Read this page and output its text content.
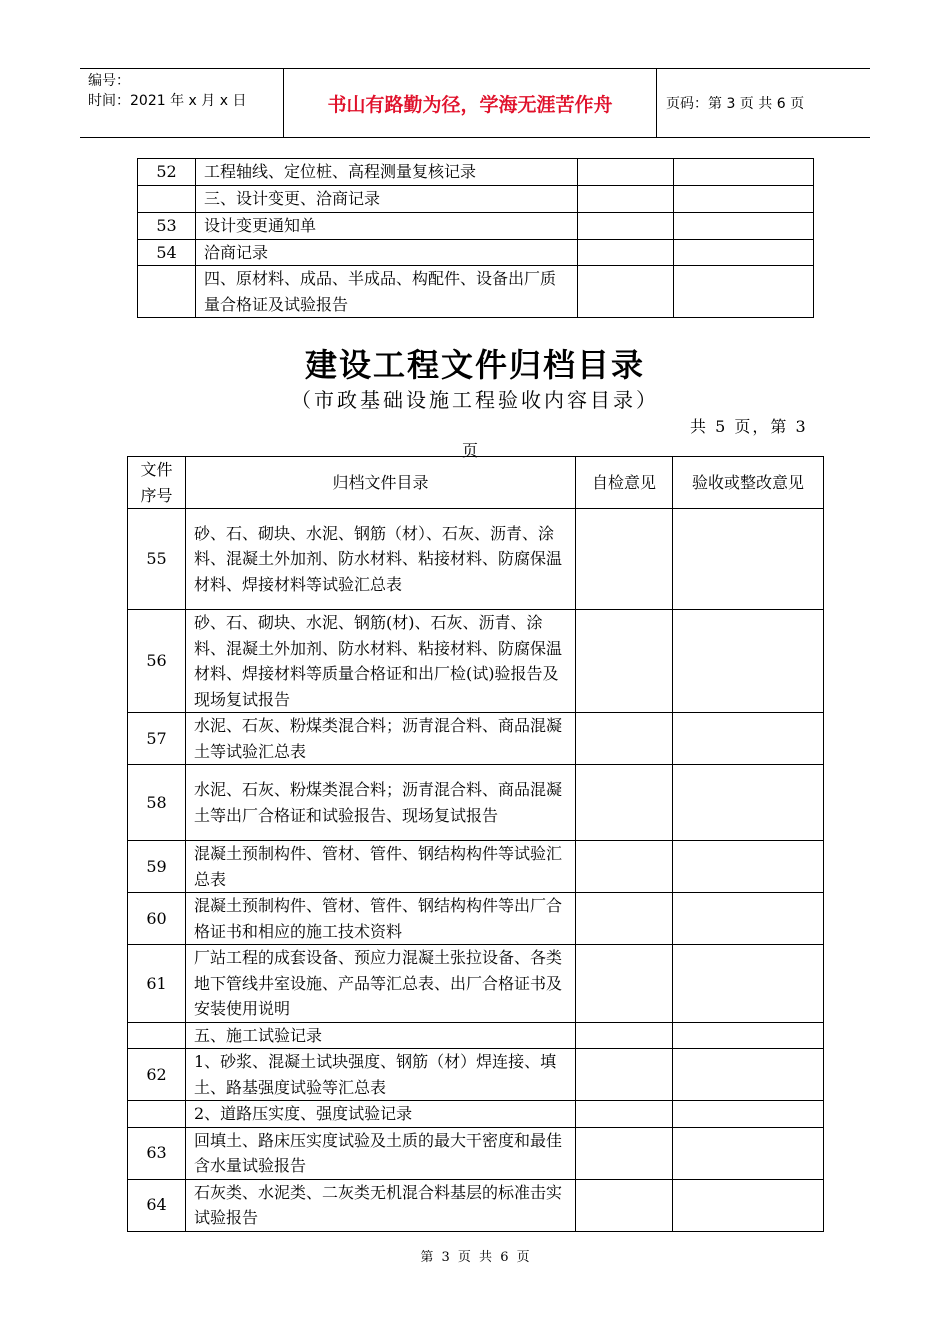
编号：
时间：2021 年 x 月 x 日	书山有路勤为径，学海无涯苦作舟	页码：第 3 页 共 6 页
52	工程轴线、定位桩、高程测量复核记录		
	三、设计变更、洽商记录		
53	设计变更通知单		
54	洽商记录		
	四、原材料、成品、半成品、构配件、设备出厂质量合格证及试验报告		
建设工程文件归档目录
（市政基础设施工程验收内容目录）
共 5 页，第 3
页
文件序号	归档文件目录	自检意见	验收或整改意见
55	砂、石、砌块、水泥、钢筋（材）、石灰、沥青、涂料、混凝土外加剂、防水材料、粘接材料、防腐保温材料、焊接材料等试验汇总表		
56	砂、石、砌块、水泥、钢筋(材)、石灰、沥青、涂料、混凝土外加剂、防水材料、粘接材料、防腐保温材料、焊接材料等质量合格证和出厂检(试)验报告及现场复试报告		
57	水泥、石灰、粉煤类混合料；沥青混合料、商品混凝土等试验汇总表		
58	水泥、石灰、粉煤类混合料；沥青混合料、商品混凝土等出厂合格证和试验报告、现场复试报告		
59	混凝土预制构件、管材、管件、钢结构构件等试验汇总表		
60	混凝土预制构件、管材、管件、钢结构构件等出厂合格证书和相应的施工技术资料		
61	厂站工程的成套设备、预应力混凝土张拉设备、各类地下管线井室设施、产品等汇总表、出厂合格证书及安装使用说明		
	五、施工试验记录		
62	1、砂浆、混凝土试块强度、钢筋（材）焊连接、填土、路基强度试验等汇总表		
	2、道路压实度、强度试验记录		
63	回填土、路床压实度试验及土质的最大干密度和最佳含水量试验报告		
64	石灰类、水泥类、二灰类无机混合料基层的标准击实试验报告		
第 3 页 共 6 页
